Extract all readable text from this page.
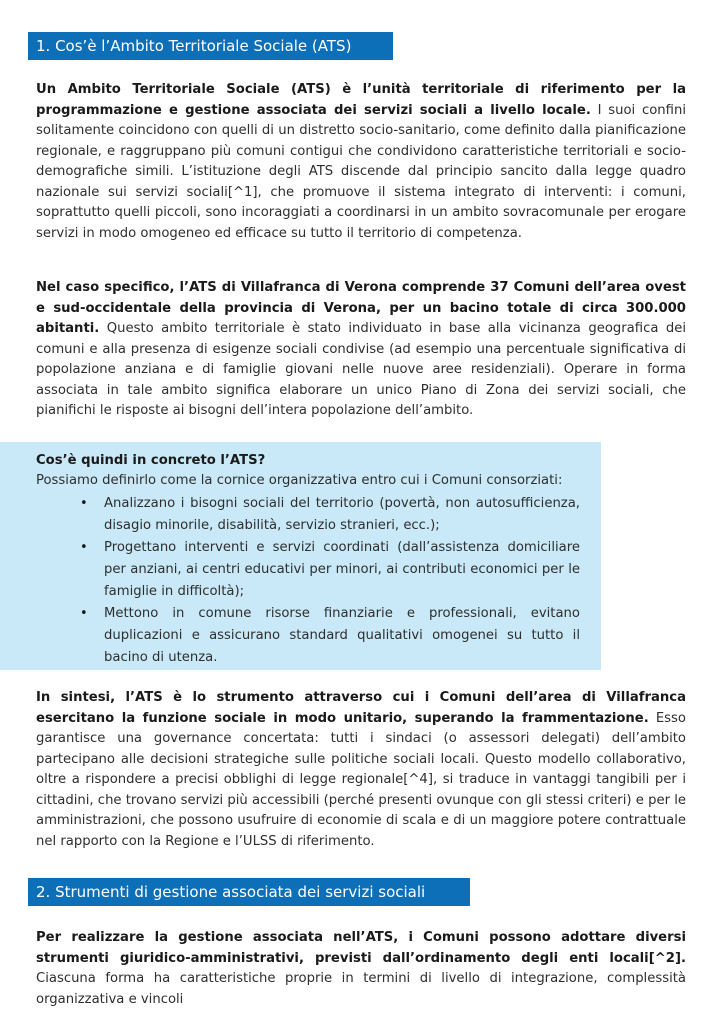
1. Cos’è l’Ambito Territoriale Sociale (ATS)

Un Ambito Territoriale Sociale (ATS) è l’unità territoriale di riferimento per la programmazione e gestione associata dei servizi sociali a livello locale. I suoi confini solitamente coincidono con quelli di un distretto socio-sanitario, come definito dalla pianificazione regionale, e raggruppano più comuni contigui che condividono caratteristiche territoriali e socio-demografiche simili. L’istituzione degli ATS discende dal principio sancito dalla legge quadro nazionale sui servizi sociali[^1], che promuove il sistema integrato di interventi: i comuni, soprattutto quelli piccoli, sono incoraggiati a coordinarsi in un ambito sovracomunale per erogare servizi in modo omogeneo ed efficace su tutto il territorio di competenza.

Nel caso specifico, l’ATS di Villafranca di Verona comprende 37 Comuni dell’area ovest e sud-occidentale della provincia di Verona, per un bacino totale di circa 300.000 abitanti. Questo ambito territoriale è stato individuato in base alla vicinanza geografica dei comuni e alla presenza di esigenze sociali condivise (ad esempio una percentuale significativa di popolazione anziana e di famiglie giovani nelle nuove aree residenziali). Operare in forma associata in tale ambito significa elaborare un unico Piano di Zona dei servizi sociali, che pianifichi le risposte ai bisogni dell’intera popolazione dell’ambito.

Cos’è quindi in concreto l’ATS?
Possiamo definirlo come la cornice organizzativa entro cui i Comuni consorziati:
• Analizzano i bisogni sociali del territorio (povertà, non autosufficienza, disagio minorile, disabilità, servizio stranieri, ecc.);
• Progettano interventi e servizi coordinati (dall’assistenza domiciliare per anziani, ai centri educativi per minori, ai contributi economici per le famiglie in difficoltà);
• Mettono in comune risorse finanziarie e professionali, evitano duplicazioni e assicurano standard qualitativi omogenei su tutto il bacino di utenza.

In sintesi, l’ATS è lo strumento attraverso cui i Comuni dell’area di Villafranca esercitano la funzione sociale in modo unitario, superando la frammentazione. Esso garantisce una governance concertata: tutti i sindaci (o assessori delegati) dell’ambito partecipano alle decisioni strategiche sulle politiche sociali locali. Questo modello collaborativo, oltre a rispondere a precisi obblighi di legge regionale[^4], si traduce in vantaggi tangibili per i cittadini, che trovano servizi più accessibili (perché presenti ovunque con gli stessi criteri) e per le amministrazioni, che possono usufruire di economie di scala e di un maggiore potere contrattuale nel rapporto con la Regione e l’ULSS di riferimento.

2. Strumenti di gestione associata dei servizi sociali

Per realizzare la gestione associata nell’ATS, i Comuni possono adottare diversi strumenti giuridico-amministrativi, previsti dall’ordinamento degli enti locali[^2]. Ciascuna forma ha caratteristiche proprie in termini di livello di integrazione, complessità organizzativa e vincoli
